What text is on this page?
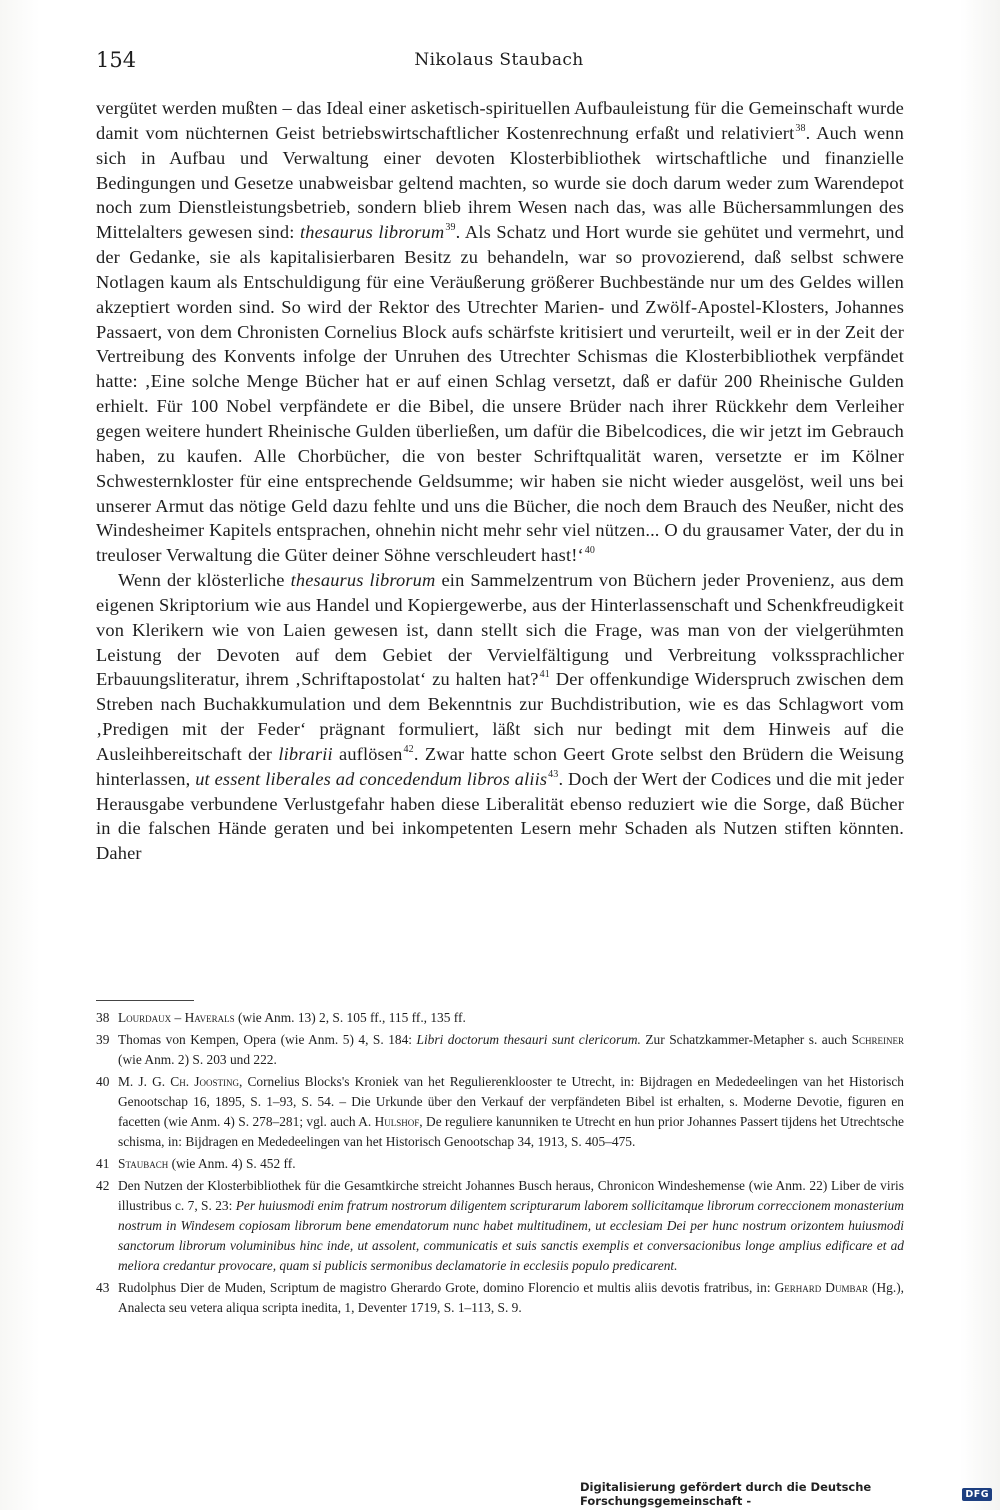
154	Nikolaus Staubach

vergütet werden mußten – das Ideal einer asketisch-spirituellen Aufbauleistung für die Gemeinschaft wurde damit vom nüchternen Geist betriebswirtschaftlicher Kostenrechnung erfaßt und relativiert$^{38}$. Auch wenn sich in Aufbau und Verwaltung einer devoten Klosterbibliothek wirtschaftliche und finanzielle Bedingungen und Gesetze unabweisbar geltend machten, so wurde sie doch darum weder zum Warendepot noch zum Dienstleistungsbetrieb, sondern blieb ihrem Wesen nach das, was alle Büchersammlungen des Mittelalters gewesen sind: thesaurus librorum$^{39}$. Als Schatz und Hort wurde sie gehütet und vermehrt, und der Gedanke, sie als kapitalisierbaren Besitz zu behandeln, war so provozierend, daß selbst schwere Notlagen kaum als Entschuldigung für eine Veräußerung größerer Buchbestände nur um des Geldes willen akzeptiert worden sind. So wird der Rektor des Utrechter Marien- und Zwölf-Apostel-Klosters, Johannes Passaert, von dem Chronisten Cornelius Block aufs schärfste kritisiert und verurteilt, weil er in der Zeit der Vertreibung des Konvents infolge der Unruhen des Utrechter Schismas die Klosterbibliothek verpfändet hatte: ‚Eine solche Menge Bücher hat er auf einen Schlag versetzt, daß er dafür 200 Rheinische Gulden erhielt. Für 100 Nobel verpfändete er die Bibel, die unsere Brüder nach ihrer Rückkehr dem Verleiher gegen weitere hundert Rheinische Gulden überließen, um dafür die Bibelcodices, die wir jetzt im Gebrauch haben, zu kaufen. Alle Chorbücher, die von bester Schriftqualität waren, versetzte er im Kölner Schwesternkloster für eine entsprechende Geldsumme; wir haben sie nicht wieder ausgelöst, weil uns bei unserer Armut das nötige Geld dazu fehlte und uns die Bücher, die noch dem Brauch des Neußer, nicht des Windesheimer Kapitels entsprachen, ohnehin nicht mehr sehr viel nützen... O du grausamer Vater, der du in treuloser Verwaltung die Güter deiner Söhne verschleudert hast!‘$^{40}$

Wenn der klösterliche thesaurus librorum ein Sammelzentrum von Büchern jeder Provenienz, aus dem eigenen Skriptorium wie aus Handel und Kopiergewerbe, aus der Hinterlassenschaft und Schenkfreudigkeit von Klerikern wie von Laien gewesen ist, dann stellt sich die Frage, was man von der vielgerühmten Leistung der Devoten auf dem Gebiet der Vervielfältigung und Verbreitung volkssprachlicher Erbauungsliteratur, ihrem ‚Schriftapostolat‘ zu halten hat?$^{41}$ Der offenkundige Widerspruch zwischen dem Streben nach Buchakkumulation und dem Bekenntnis zur Buchdistribution, wie es das Schlagwort vom ‚Predigen mit der Feder‘ prägnant formuliert, läßt sich nur bedingt mit dem Hinweis auf die Ausleihbereitschaft der librarii auflösen$^{42}$. Zwar hatte schon Geert Grote selbst den Brüdern die Weisung hinterlassen, ut essent liberales ad concedendum libros aliis$^{43}$. Doch der Wert der Codices und die mit jeder Herausgabe verbundene Verlustgefahr haben diese Liberalität ebenso reduziert wie die Sorge, daß Bücher in die falschen Hände geraten und bei inkompetenten Lesern mehr Schaden als Nutzen stiften könnten. Daher

38 Lourdaux – Haverals (wie Anm. 13) 2, S. 105 ff., 115 ff., 135 ff.
39 Thomas von Kempen, Opera (wie Anm. 5) 4, S. 184: Libri doctorum thesauri sunt clericorum. Zur Schatzkammer-Metapher s. auch Schreiner (wie Anm. 2) S. 203 und 222.
40 M. J. G. Ch. Joosting, Cornelius Blocks's Kroniek van het Regulierenklooster te Utrecht, in: Bijdragen en Mededeelingen van het Historisch Genootschap 16, 1895, S. 1–93, S. 54. – Die Urkunde über den Verkauf der verpfändeten Bibel ist erhalten, s. Moderne Devotie, figuren en facetten (wie Anm. 4) S. 278–281; vgl. auch A. Hulshof, De reguliere kanunniken te Utrecht en hun prior Johannes Passert tijdens het Utrechtsche schisma, in: Bijdragen en Mededeelingen van het Historisch Genootschap 34, 1913, S. 405–475.
41 Staubach (wie Anm. 4) S. 452 ff.
42 Den Nutzen der Klosterbibliothek für die Gesamtkirche streicht Johannes Busch heraus, Chronicon Windeshemense (wie Anm. 22) Liber de viris illustribus c. 7, S. 23: Per huiusmodi enim fratrum nostrorum diligentem scripturarum laborem sollicitamque librorum correccionem monasterium nostrum in Windesem copiosam librorum bene emendatorum nunc habet multitudinem, ut ecclesiam Dei per hunc nostrum orizontem huiusmodi sanctorum librorum voluminibus hinc inde, ut assolent, communicatis et suis sanctis exemplis et conversacionibus longe amplius edificare et ad meliora credantur provocare, quam si publicis sermonibus declamatorie in ecclesiis populo predicarent.
43 Rudolphus Dier de Muden, Scriptum de magistro Gherardo Grote, domino Florencio et multis aliis devotis fratribus, in: Gerhard Dumbar (Hg.), Analecta seu vetera aliqua scripta inedita, 1, Deventer 1719, S. 1–113, S. 9.
Digitalisierung gefördert durch die Deutsche Forschungsgemeinschaft -	DFG
